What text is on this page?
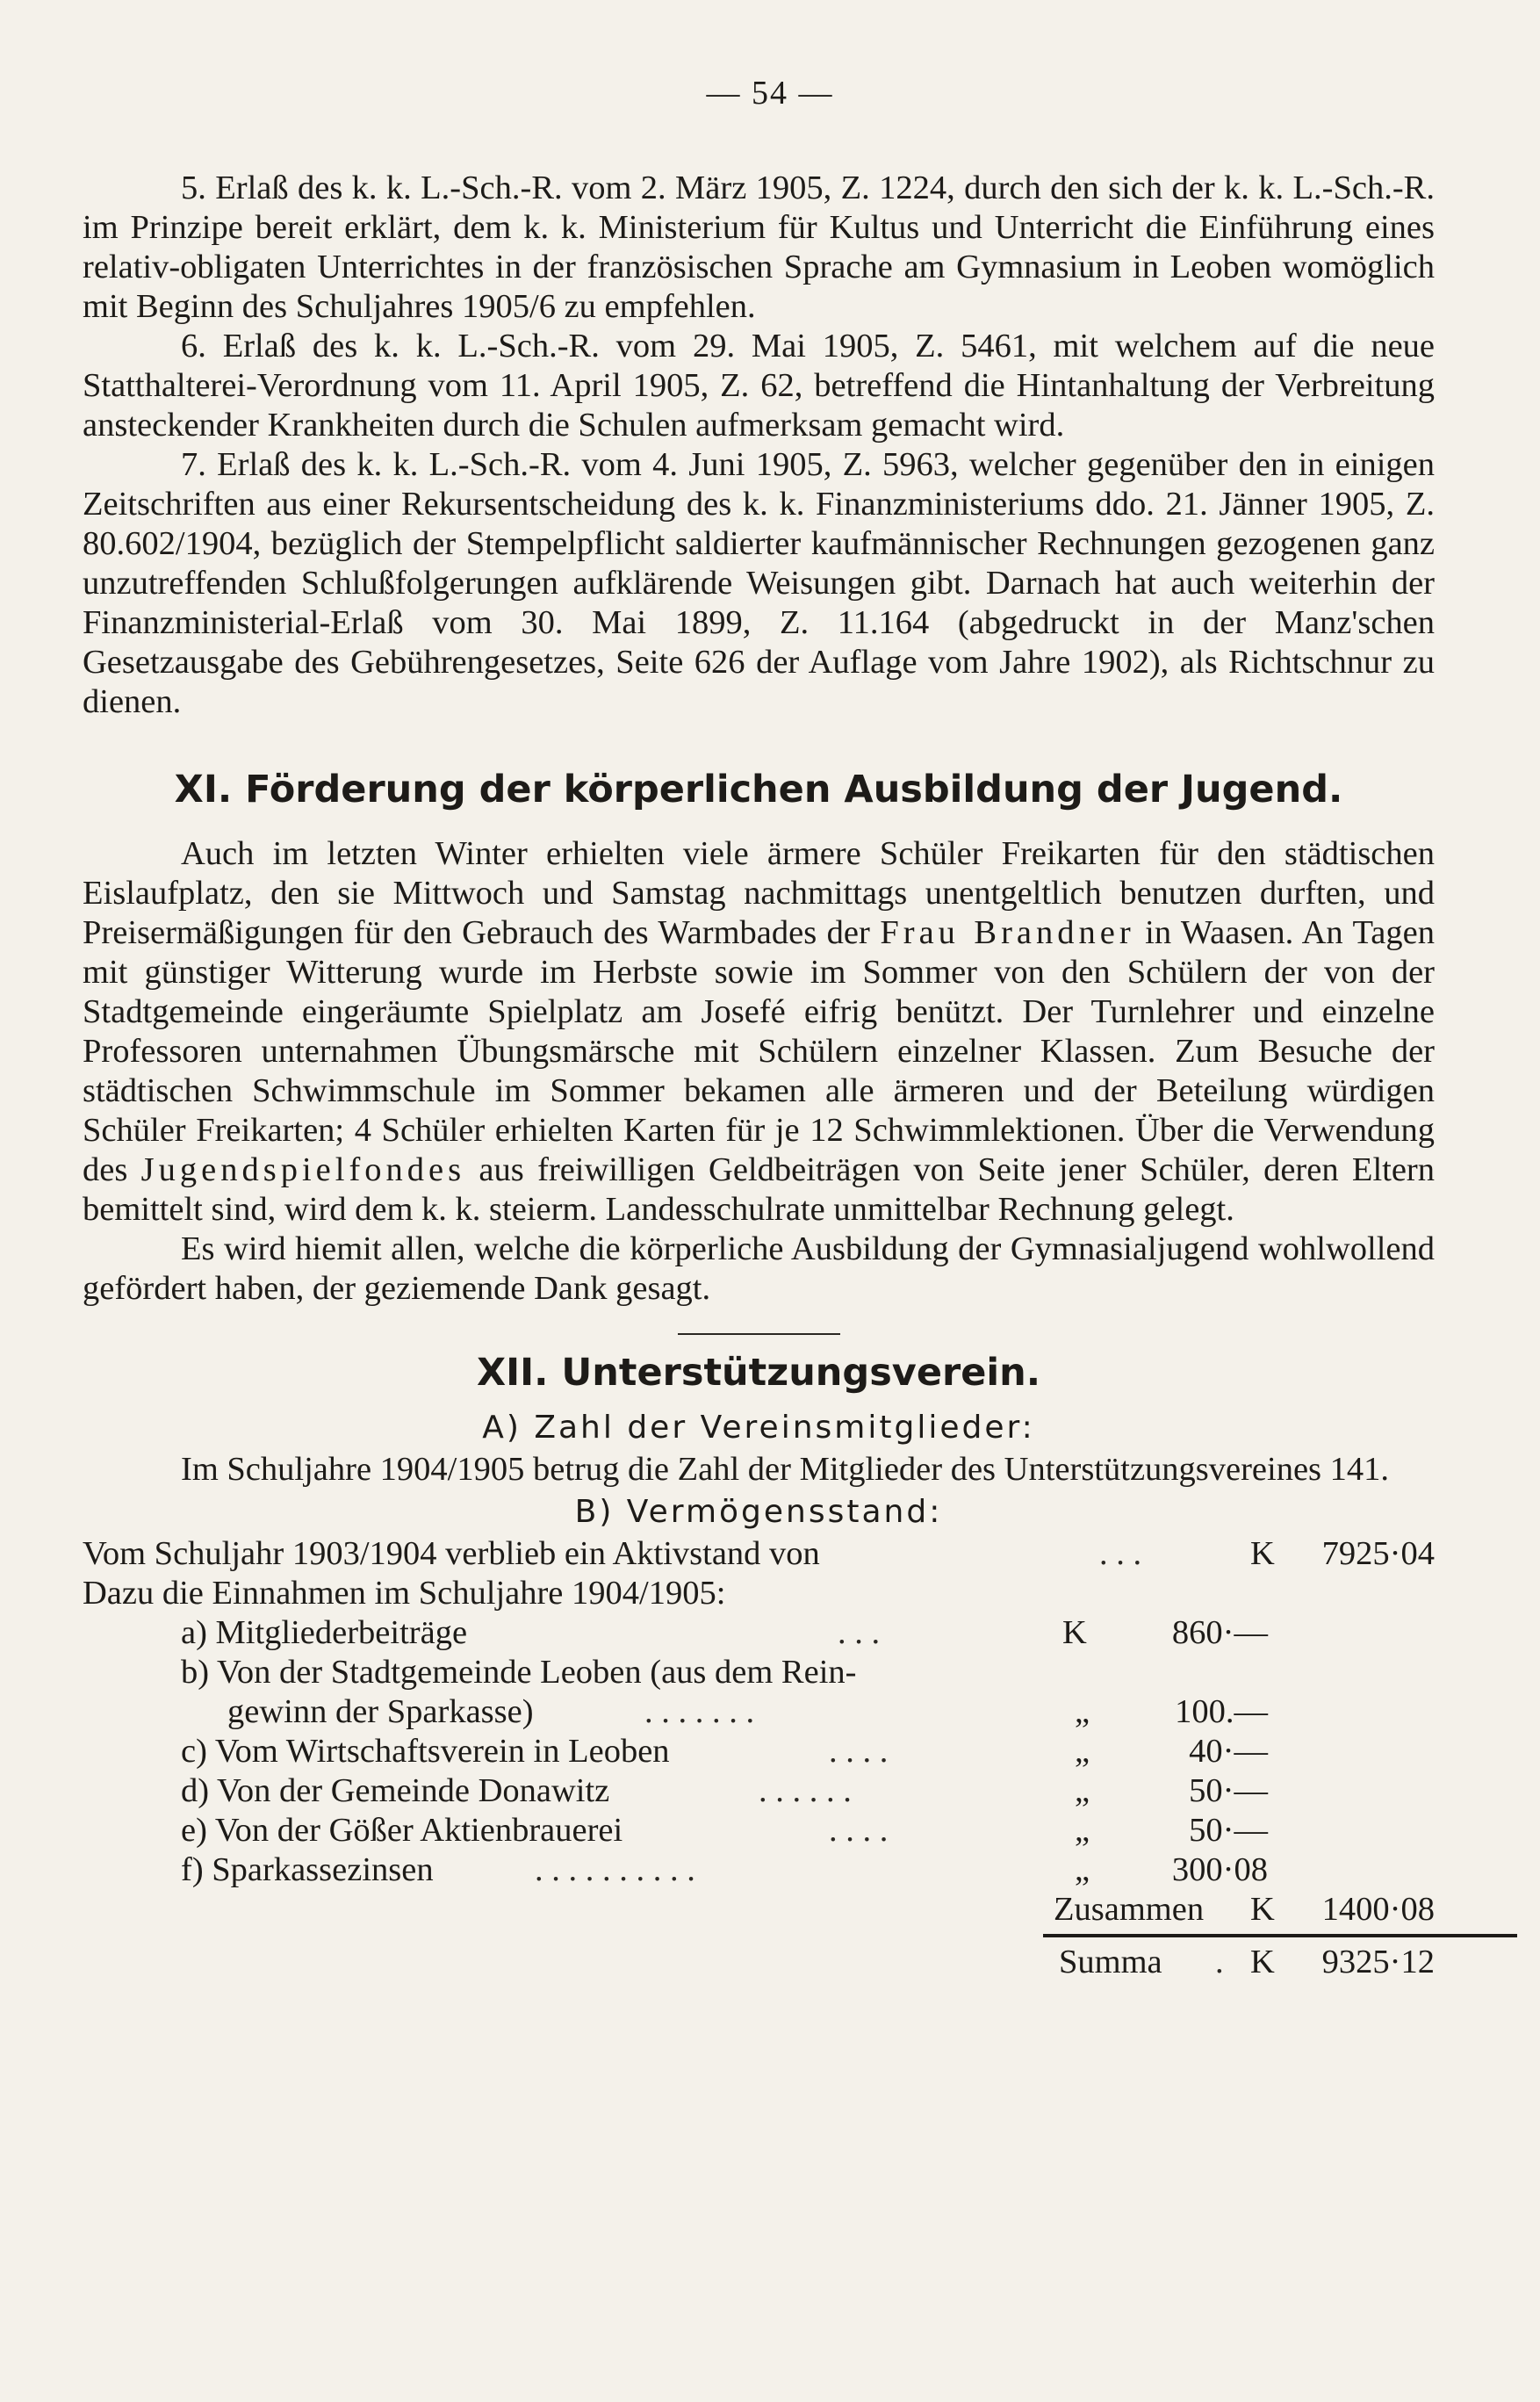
— 54 —

5. Erlaß des k. k. L.-Sch.-R. vom 2. März 1905, Z. 1224, durch den sich der k. k. L.-Sch.-R. im Prinzipe bereit erklärt, dem k. k. Ministerium für Kultus und Unterricht die Einführung eines relativ-obligaten Unterrichtes in der französischen Sprache am Gymnasium in Leoben womöglich mit Beginn des Schuljahres 1905/6 zu empfehlen.

6. Erlaß des k. k. L.-Sch.-R. vom 29. Mai 1905, Z. 5461, mit welchem auf die neue Statthalterei-Verordnung vom 11. April 1905, Z. 62, betreffend die Hintanhaltung der Verbreitung ansteckender Krankheiten durch die Schulen aufmerksam gemacht wird.

7. Erlaß des k. k. L.-Sch.-R. vom 4. Juni 1905, Z. 5963, welcher gegenüber den in einigen Zeitschriften aus einer Rekursentscheidung des k. k. Finanzministeriums ddo. 21. Jänner 1905, Z. 80.602/1904, bezüglich der Stempelpflicht saldierter kaufmännischer Rechnungen gezogenen ganz unzutreffenden Schlußfolgerungen aufklärende Weisungen gibt. Darnach hat auch weiterhin der Finanzministerial-Erlaß vom 30. Mai 1899, Z. 11.164 (abgedruckt in der Manz'schen Gesetzausgabe des Gebührengesetzes, Seite 626 der Auflage vom Jahre 1902), als Richtschnur zu dienen.

XI. Förderung der körperlichen Ausbildung der Jugend.

Auch im letzten Winter erhielten viele ärmere Schüler Freikarten für den städtischen Eislaufplatz, den sie Mittwoch und Samstag nachmittags unentgeltlich benutzen durften, und Preisermäßigungen für den Gebrauch des Warmbades der Frau Brandner in Waasen. An Tagen mit günstiger Witterung wurde im Herbste sowie im Sommer von den Schülern der von der Stadtgemeinde eingeräumte Spielplatz am Josefé eifrig benützt. Der Turnlehrer und einzelne Professoren unternahmen Übungsmärsche mit Schülern einzelner Klassen. Zum Besuche der städtischen Schwimmschule im Sommer bekamen alle ärmeren und der Beteilung würdigen Schüler Freikarten; 4 Schüler erhielten Karten für je 12 Schwimmlektionen. Über die Verwendung des Jugendspielfondes aus freiwilligen Geldbeiträgen von Seite jener Schüler, deren Eltern bemittelt sind, wird dem k. k. steierm. Landesschulrate unmittelbar Rechnung gelegt.

Es wird hiemit allen, welche die körperliche Ausbildung der Gymnasialjugend wohlwollend gefördert haben, der geziemende Dank gesagt.

XII. Unterstützungsverein.
A) Zahl der Vereinsmitglieder:

Im Schuljahre 1904/1905 betrug die Zahl der Mitglieder des Unterstützungsvereines 141.

B) Vermögensstand:
Vom Schuljahr 1903/1904 verblieb ein Aktivstand von	. . .	K	7925·04
Dazu die Einnahmen im Schuljahre 1904/1905:
a) Mitgliederbeiträge	. . .	K	860·—
b) Von der Stadtgemeinde Leoben (aus dem Rein-
gewinn der Sparkasse)	. . . . . . .	„	100.—
c) Vom Wirtschaftsverein in Leoben	. . . .	„	40·—
d) Von der Gemeinde Donawitz	. . . . . .	„	50·—
e) Von der Gößer Aktienbrauerei	. . . .	„	50·—
f) Sparkassezinsen	. . . . . . . . . .	„	300·08
Zusammen K	1400·08
Summa . K	9325·12
